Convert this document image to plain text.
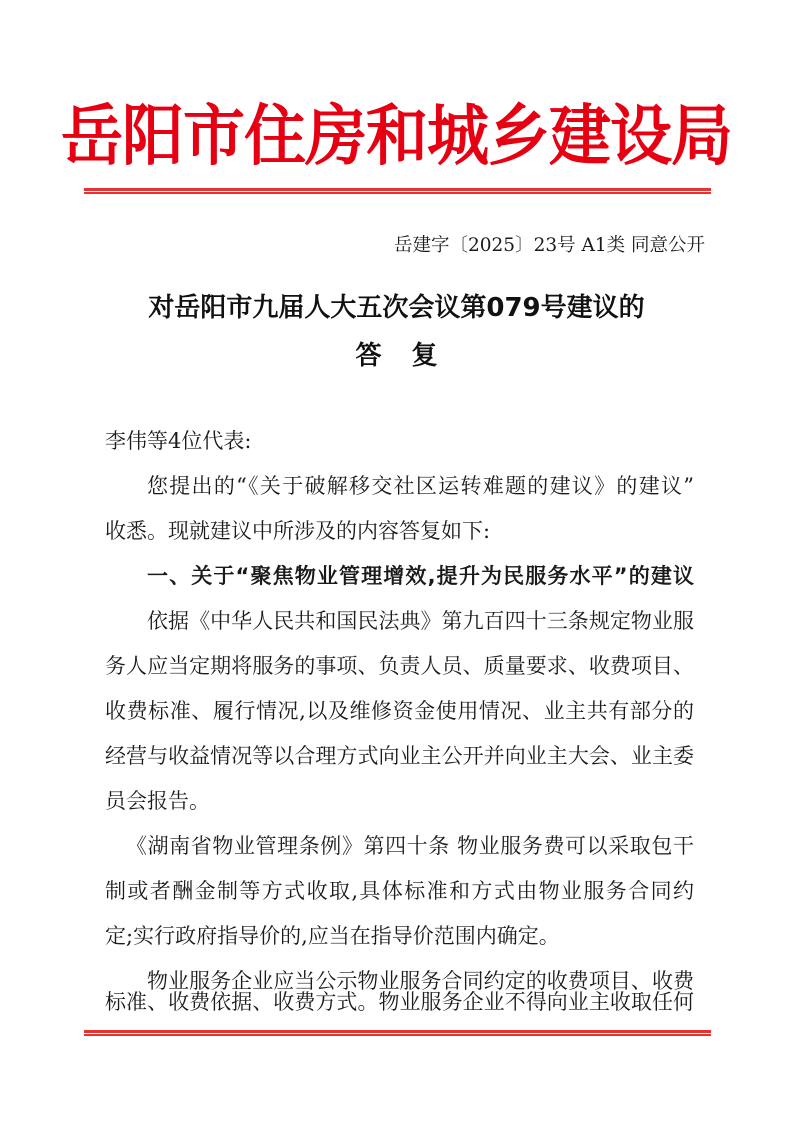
岳阳市住房和城乡建设局
岳建字〔2025〕23号 A1类 同意公开
对岳阳市九届人大五次会议第079号建议的
答复
李伟等4位代表:
您提出的“《关于破解移交社区运转难题的建议》的建议”
收悉。现就建议中所涉及的内容答复如下:
一、关于“聚焦物业管理增效,提升为民服务水平”的建议
依据《中华人民共和国民法典》第九百四十三条规定物业服
务人应当定期将服务的事项、负责人员、质量要求、收费项目、
收费标准、履行情况,以及维修资金使用情况、业主共有部分的
经营与收益情况等以合理方式向业主公开并向业主大会、业主委
员会报告。
《湖南省物业管理条例》第四十条 物业服务费可以采取包干
制或者酬金制等方式收取,具体标准和方式由物业服务合同约
定;实行政府指导价的,应当在指导价范围内确定。
物业服务企业应当公示物业服务合同约定的收费项目、收费
标准、收费依据、收费方式。物业服务企业不得向业主收取任何
